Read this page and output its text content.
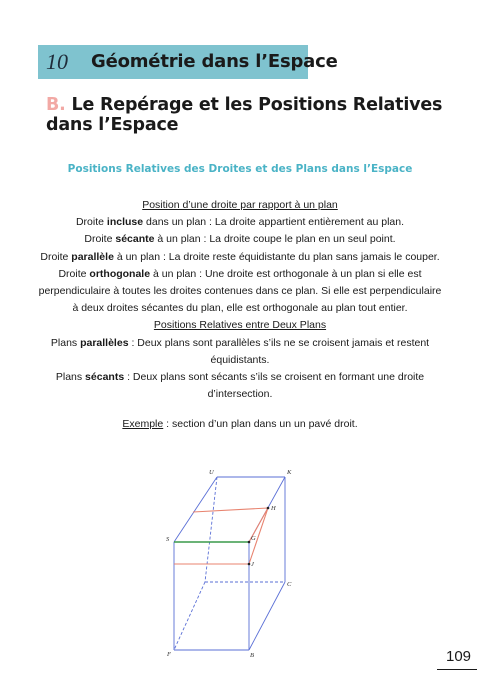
10 Géométrie dans l’Espace
B. Le Repérage et les Positions Relatives
dans l’Espace
Positions Relatives des Droites et des Plans dans l’Espace

Position d’une droite par rapport à un plan

Droite incluse dans un plan : La droite appartient entièrement au plan.

Droite sécante à un plan : La droite coupe le plan en un seul point.

Droite parallèle à un plan : La droite reste équidistante du plan sans jamais le couper.

Droite orthogonale à un plan : Une droite est orthogonale à un plan si elle est
perpendiculaire à toutes les droites contenues dans ce plan. Si elle est perpendiculaire
à deux droites sécantes du plan, elle est orthogonale au plan tout entier.

Positions Relatives entre Deux Plans

Plans parallèles : Deux plans sont parallèles s’ils ne se croisent jamais et restent
équidistants.

Plans sécants : Deux plans sont sécants s’ils se croisent en formant une droite
d’intersection.

Exemple : section d’un plan dans un un pavé droit.
U	K
H
S	G
J
C
F	B	109
